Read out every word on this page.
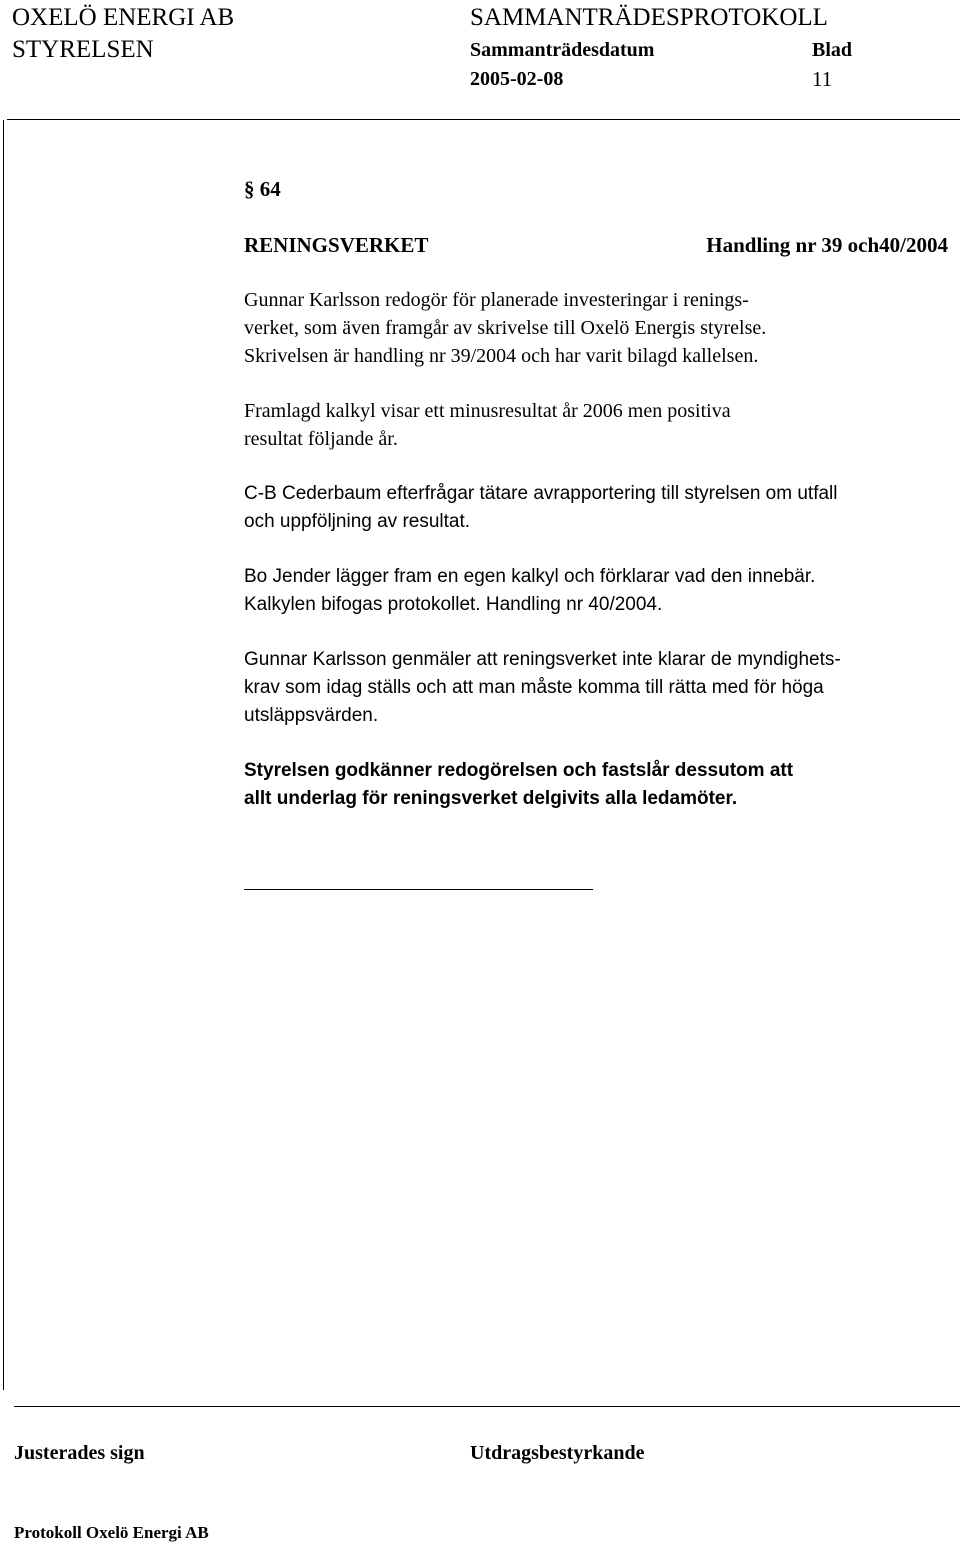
OXELÖ ENERGI AB
STYRELSEN
SAMMANTRÄDESPROTOKOLL
Sammanträdesdatum	Blad
2005-02-08	11
§ 64
RENINGSVERKET	Handling nr 39 och40/2004

Gunnar Karlsson redogör för planerade investeringar i renings-

verket, som även framgår av skrivelse till Oxelö Energis styrelse.

Skrivelsen är handling nr 39/2004 och har varit bilagd kallelsen.

Framlagd kalkyl visar ett minusresultat år 2006 men positiva

resultat följande år.

C-B Cederbaum efterfrågar tätare avrapportering till styrelsen om utfall

och uppföljning av resultat.

Bo Jender lägger fram en egen kalkyl och förklarar vad den innebär.

Kalkylen bifogas protokollet. Handling nr 40/2004.

Gunnar Karlsson genmäler att reningsverket inte klarar de myndighets-

krav som idag ställs och att man måste komma till rätta med för höga

utsläppsvärden.

Styrelsen godkänner redogörelsen och fastslår dessutom att

allt underlag för reningsverket delgivits alla ledamöter.

Justerades sign	Utdragsbestyrkande
Protokoll Oxelö Energi AB
